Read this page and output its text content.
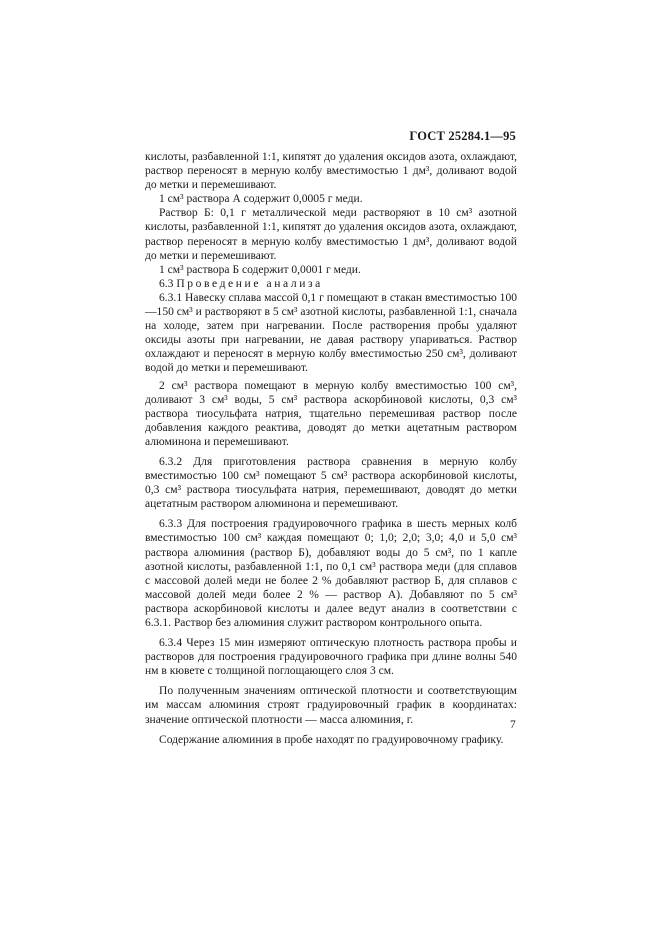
ГОСТ 25284.1—95

кислоты, разбавленной 1:1, кипятят до удаления оксидов азота, охлаждают, раствор переносят в мерную колбу вместимостью 1 дм³, доливают водой до метки и перемешивают.

1 см³ раствора А содержит 0,0005 г меди.

Раствор Б: 0,1 г металлической меди растворяют в 10 см³ азотной кислоты, разбавленной 1:1, кипятят до удаления оксидов азота, охлаждают, раствор переносят в мерную колбу вместимостью 1 дм³, доливают водой до метки и перемешивают.

1 см³ раствора Б содержит 0,0001 г меди.

6.3 Проведение анализа

6.3.1 Навеску сплава массой 0,1 г помещают в стакан вместимостью 100—150 см³ и растворяют в 5 см³ азотной кислоты, разбавленной 1:1, сначала на холоде, затем при нагревании. После растворения пробы удаляют оксиды азоты при нагревании, не давая раствору упариваться. Раствор охлаждают и переносят в мерную колбу вместимостью 250 см³, доливают водой до метки и перемешивают.

2 см³ раствора помещают в мерную колбу вместимостью 100 см³, доливают 3 см³ воды, 5 см³ раствора аскорбиновой кислоты, 0,3 см³ раствора тиосульфата натрия, тщательно перемешивая раствор после добавления каждого реактива, доводят до метки ацетатным раствором алюминона и перемешивают.

6.3.2 Для приготовления раствора сравнения в мерную колбу вместимостью 100 см³ помещают 5 см³ раствора аскорбиновой кислоты, 0,3 см³ раствора тиосульфата натрия, перемешивают, доводят до метки ацетатным раствором алюминона и перемешивают.

6.3.3 Для построения градуировочного графика в шесть мерных колб вместимостью 100 см³ каждая помещают 0; 1,0; 2,0; 3,0; 4,0 и 5,0 см³ раствора алюминия (раствор Б), добавляют воды до 5 см³, по 1 капле азотной кислоты, разбавленной 1:1, по 0,1 см³ раствора меди (для сплавов с массовой долей меди не более 2 % добавляют раствор Б, для сплавов с массовой долей меди более 2 % — раствор А). Добавляют по 5 см³ раствора аскорбиновой кислоты и далее ведут анализ в соответствии с 6.3.1. Раствор без алюминия служит раствором контрольного опыта.

6.3.4 Через 15 мин измеряют оптическую плотность раствора пробы и растворов для построения градуировочного графика при длине волны 540 нм в кювете с толщиной поглощающего слоя 3 см.

По полученным значениям оптической плотности и соответствующим им массам алюминия строят градуировочный график в координатах: значение оптической плотности — масса алюминия, г.

Содержание алюминия в пробе находят по градуировочному графику.

7
